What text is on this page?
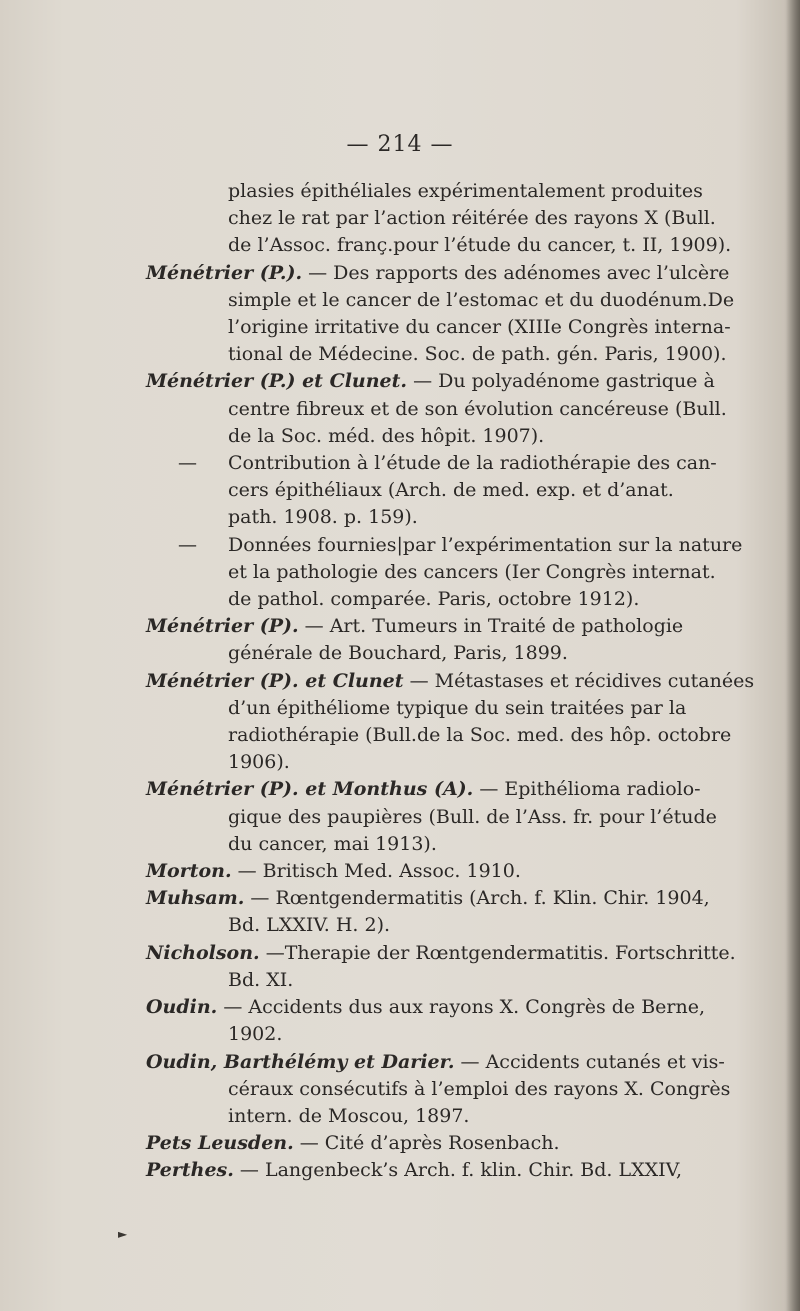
— 214 —
plasies épithéliales expérimentalement produites
chez le rat par l’action réitérée des rayons X (Bull.
de l’Assoc. franç.pour l’étude du cancer, t. II, 1909).
Ménétrier (P.). — Des rapports des adénomes avec l’ulcère
simple et le cancer de l’estomac et du duodénum.De
l’origine irritative du cancer (XIIIe Congrès interna-
tional de Médecine. Soc. de path. gén. Paris, 1900).
Ménétrier (P.) et Clunet. — Du polyadénome gastrique à
centre fibreux et de son évolution cancéreuse (Bull.
de la Soc. méd. des hôpit. 1907).
— Contribution à l’étude de la radiothérapie des can-
cers épithéliaux (Arch. de med. exp. et d’anat.
path. 1908. p. 159).
— Données fournies|par l’expérimentation sur la nature
et la pathologie des cancers (Ier Congrès internat.
de pathol. comparée. Paris, octobre 1912).
Ménétrier (P). — Art. Tumeurs in Traité de pathologie
générale de Bouchard, Paris, 1899.
Ménétrier (P). et Clunet — Métastases et récidives cutanées
d’un épithéliome typique du sein traitées par la
radiothérapie (Bull.de la Soc. med. des hôp. octobre
1906).
Ménétrier (P). et Monthus (A). — Epithélioma radiolo-
gique des paupières (Bull. de l’Ass. fr. pour l’étude
du cancer, mai 1913).
Morton. — Britisch Med. Assoc. 1910.
Muhsam. — Rœntgendermatitis (Arch. f. Klin. Chir. 1904,
Bd. LXXIV. H. 2).
Nicholson. —Therapie der Rœntgendermatitis. Fortschritte.
Bd. XI.
Oudin. — Accidents dus aux rayons X. Congrès de Berne,
1902.
Oudin, Barthélémy et Darier. — Accidents cutanés et vis-
céraux consécutifs à l’emploi des rayons X. Congrès
intern. de Moscou, 1897.
Pets Leusden. — Cité d’après Rosenbach.
Perthes. — Langenbeck’s Arch. f. klin. Chir. Bd. LXXIV,
►
